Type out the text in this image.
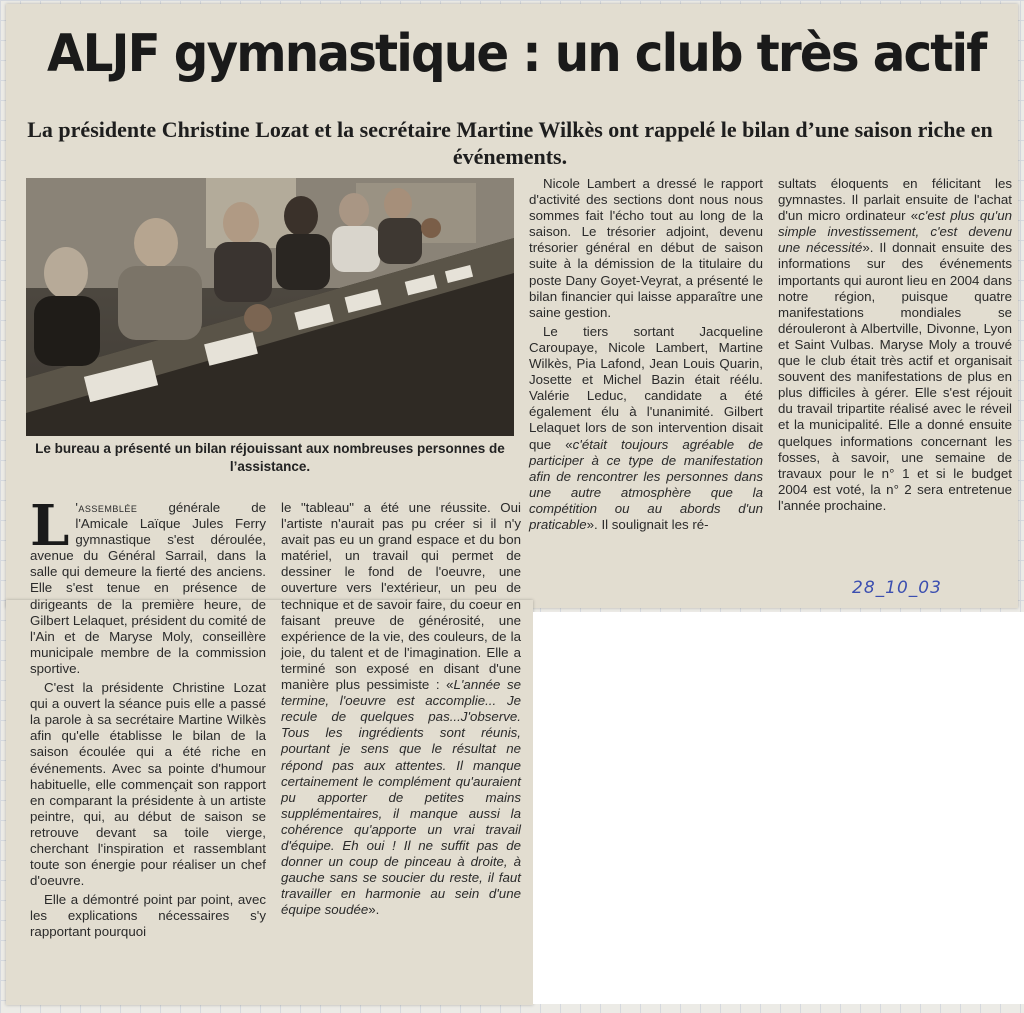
ALJF gymnastique : un club très actif
La présidente Christine Lozat et la secrétaire Martine Wilkès ont rappelé le bilan d’une saison riche en événements.
Le bureau a présenté un bilan réjouissant aux nombreuses personnes de l’assistance.

L 'assemblée générale de l'Amicale Laïque Jules Ferry gymnastique s'est déroulée, avenue du Général Sarrail, dans la salle qui demeure la fierté des anciens. Elle s'est tenue en présence de dirigeants de la première heure, de Gilbert Lelaquet, président du comité de l'Ain et de Maryse Moly, conseillère municipale membre de la commission sportive.

C'est la présidente Christine Lozat qui a ouvert la séance puis elle a passé la parole à sa secrétaire Martine Wilkès afin qu'elle établisse le bilan de la saison écoulée qui a été riche en événements. Avec sa pointe d'humour habituelle, elle commençait son rapport en comparant la présidente à un artiste peintre, qui, au début de saison se retrouve devant sa toile vierge, cherchant l'inspiration et rassemblant toute son énergie pour réaliser un chef d'oeuvre.

Elle a démontré point par point, avec les explications nécessaires s'y rapportant pourquoi

le "tableau" a été une réussite. Oui l'artiste n'aurait pas pu créer si il n'y avait pas eu un grand espace et du bon matériel, un travail qui permet de dessiner le fond de l'oeuvre, une ouverture vers l'extérieur, un peu de technique et de savoir faire, du coeur en faisant preuve de générosité, une expérience de la vie, des couleurs, de la joie, du talent et de l'imagination. Elle a terminé son exposé en disant d'une manière plus pessimiste : «L'année se termine, l'oeuvre est accomplie... Je recule de quelques pas...J'observe. Tous les ingrédients sont réunis, pourtant je sens que le résultat ne répond pas aux attentes. Il manque certainement le complément qu'auraient pu apporter de petites mains supplémentaires, il manque aussi la cohérence qu'apporte un vrai travail d'équipe. Eh oui ! Il ne suffit pas de donner un coup de pinceau à droite, à gauche sans se soucier du reste, il faut travailler en harmonie au sein d'une équipe soudée».

Nicole Lambert a dressé le rapport d'activité des sections dont nous nous sommes fait l'écho tout au long de la saison. Le trésorier adjoint, devenu trésorier général en début de saison suite à la démission de la titulaire du poste Dany Goyet-Veyrat, a présenté le bilan financier qui laisse apparaître une saine gestion.

Le tiers sortant Jacqueline Caroupaye, Nicole Lambert, Martine Wilkès, Pia Lafond, Jean Louis Quarin, Josette et Michel Bazin était réélu. Valérie Leduc, candidate a été également élu à l'unanimité. Gilbert Lelaquet lors de son intervention disait que «c'était toujours agréable de participer à ce type de manifestation afin de rencontrer les personnes dans une autre atmosphère que la compétition ou au abords d'un praticable». Il soulignait les ré-

sultats éloquents en félicitant les gymnastes. Il parlait ensuite de l'achat d'un micro ordinateur «c'est plus qu'un simple investissement, c'est devenu une nécessité». Il donnait ensuite des informations sur des événements importants qui auront lieu en 2004 dans notre région, puisque quatre manifestations mondiales se dérouleront à Albertville, Divonne, Lyon et Saint Vulbas. Maryse Moly a trouvé que le club était très actif et organisait souvent des manifestations de plus en plus difficiles à gérer. Elle s'est réjouit du travail tripartite réalisé avec le réveil et la municipalité. Elle a donné ensuite quelques informations concernant les fosses, à savoir, une semaine de travaux pour le n° 1 et si le budget 2004 est voté, la n° 2 sera entretenue l'année prochaine.

28_10_03
